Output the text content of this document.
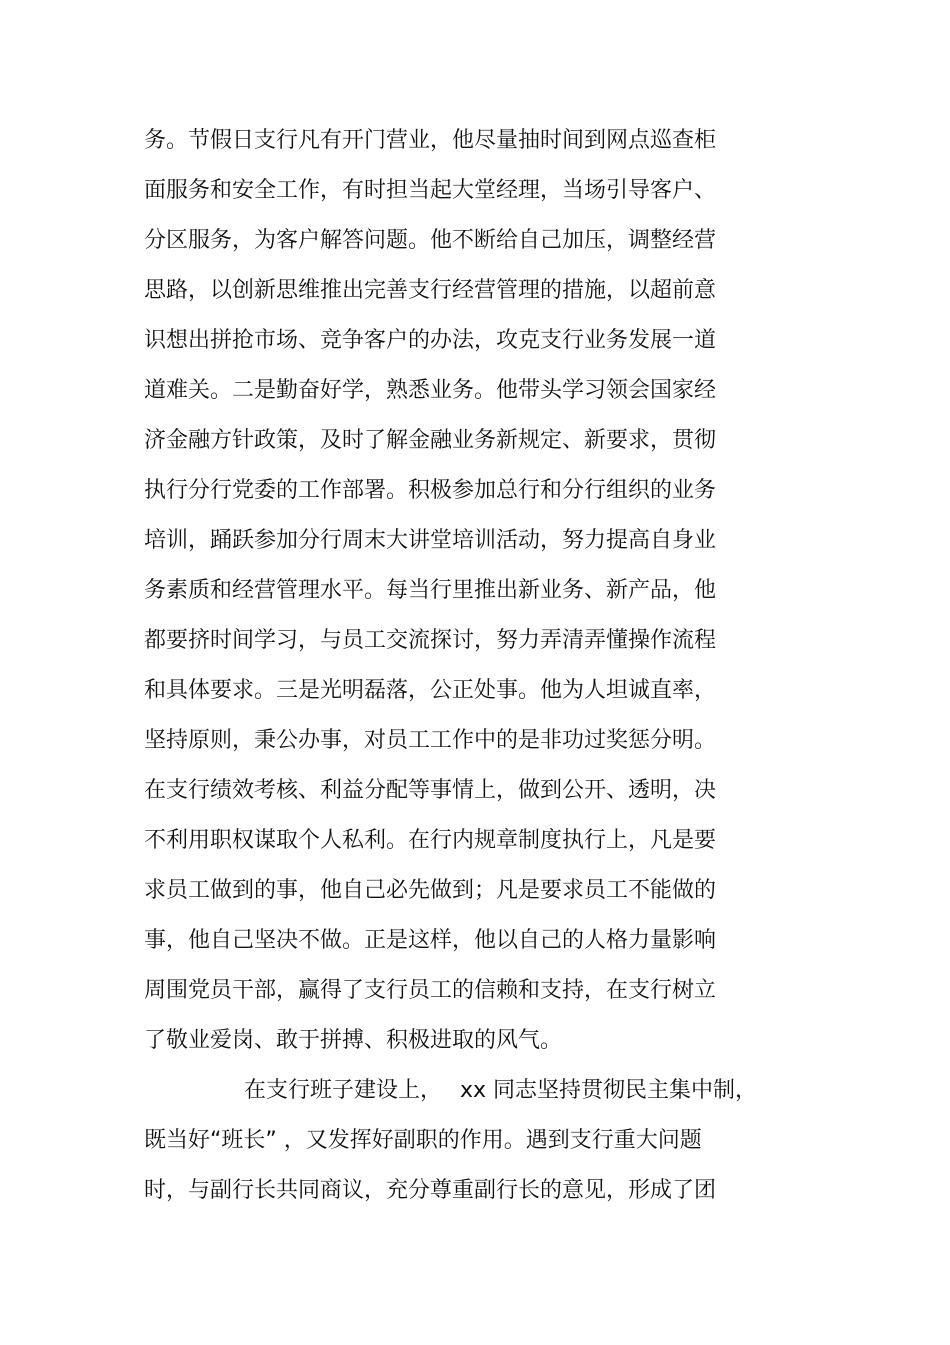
务。节假日支行凡有开门营业，他尽量抽时间到网点巡查柜
面服务和安全工作，有时担当起大堂经理，当场引导客户、
分区服务，为客户解答问题。他不断给自己加压，调整经营
思路，以创新思维推出完善支行经营管理的措施，以超前意
识想出拼抢市场、竞争客户的办法，攻克支行业务发展一道
道难关。二是勤奋好学，熟悉业务。他带头学习领会国家经
济金融方针政策，及时了解金融业务新规定、新要求，贯彻
执行分行党委的工作部署。积极参加总行和分行组织的业务
培训，踊跃参加分行周末大讲堂培训活动，努力提高自身业
务素质和经营管理水平。每当行里推出新业务、新产品，他
都要挤时间学习，与员工交流探讨，努力弄清弄懂操作流程
和具体要求。三是光明磊落，公正处事。他为人坦诚直率，
坚持原则，秉公办事，对员工工作中的是非功过奖惩分明。
在支行绩效考核、利益分配等事情上，做到公开、透明，决
不利用职权谋取个人私利。在行内规章制度执行上，凡是要
求员工做到的事，他自己必先做到；凡是要求员工不能做的
事，他自己坚决不做。正是这样，他以自己的人格力量影响
周围党员干部，赢得了支行员工的信赖和支持，在支行树立
了敬业爱岗、敢于拼搏、积极进取的风气。
在支行班子建设上，　 xx 同志坚持贯彻民主集中制，
既当好“班长” ，又发挥好副职的作用。遇到支行重大问题
时，与副行长共同商议，充分尊重副行长的意见，形成了团
